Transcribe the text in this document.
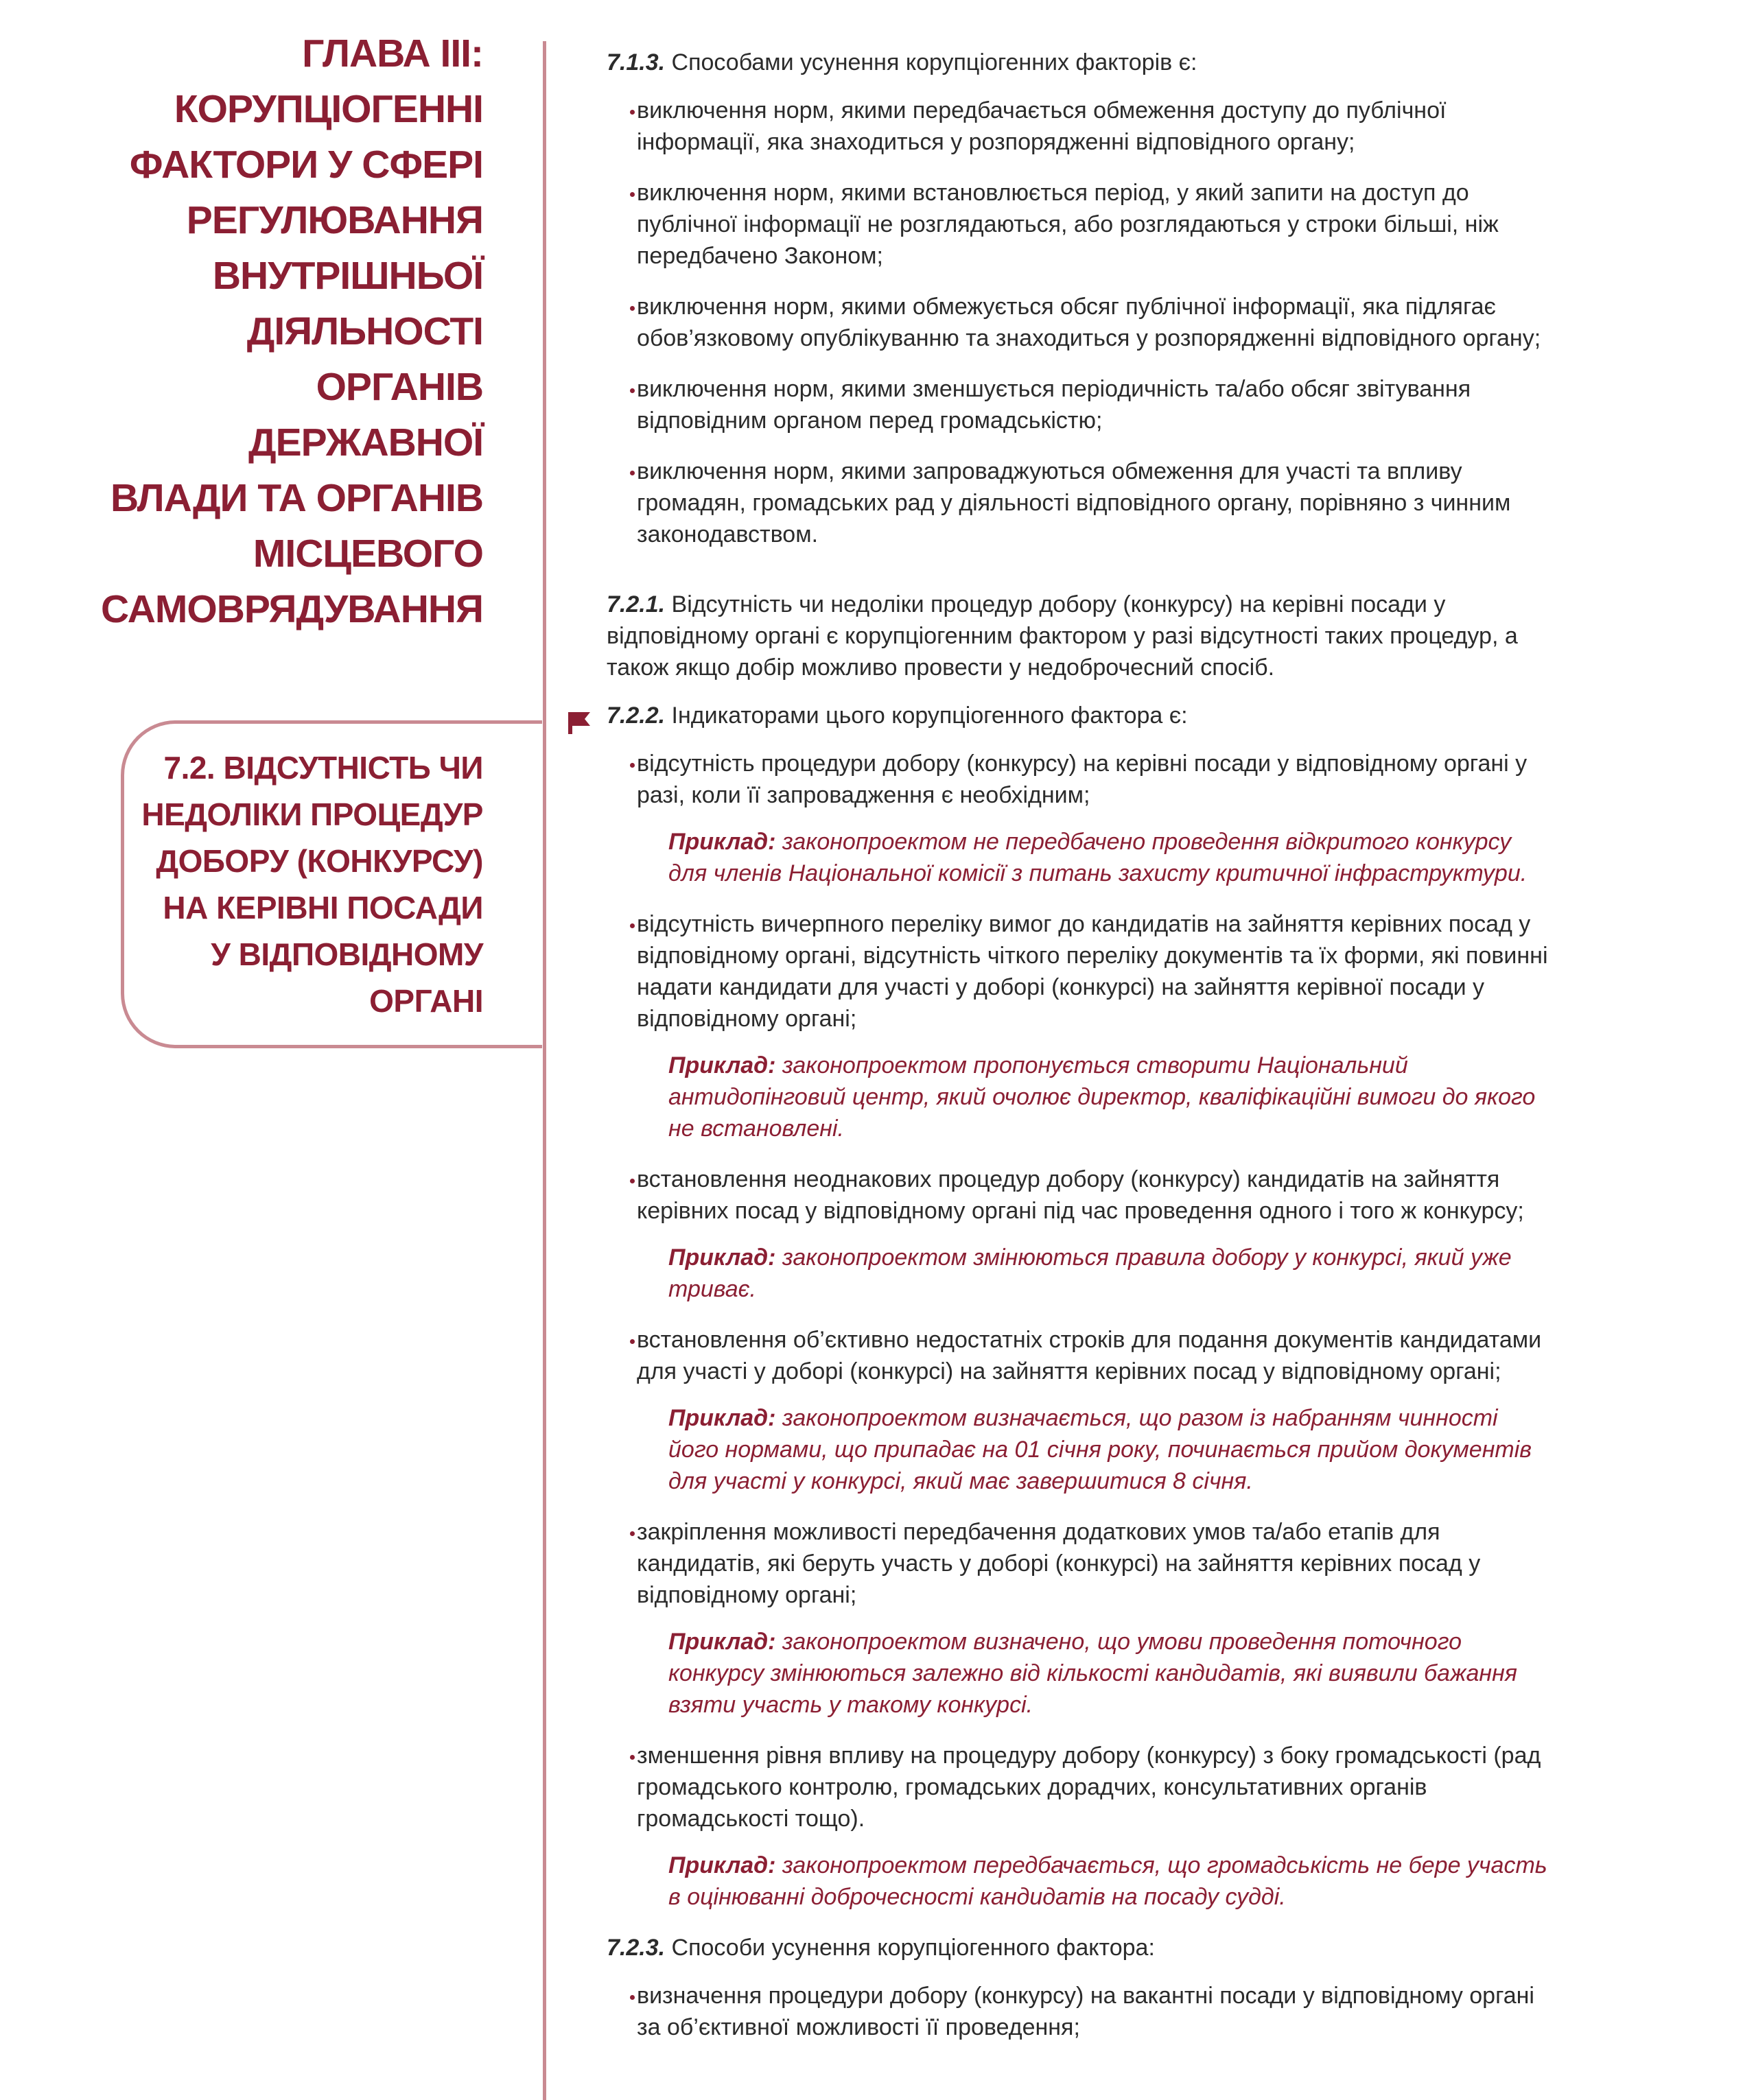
ГЛАВА III:
КОРУПЦІОГЕННІ
ФАКТОРИ У СФЕРІ
РЕГУЛЮВАННЯ
ВНУТРІШНЬОЇ
ДІЯЛЬНОСТІ
ОРГАНІВ
ДЕРЖАВНОЇ
ВЛАДИ ТА ОРГАНІВ
МІСЦЕВОГО
САМОВРЯДУВАННЯ
7.2. ВІДСУТНІСТЬ ЧИ
НЕДОЛІКИ ПРОЦЕДУР
ДОБОРУ (КОНКУРСУ)
НА КЕРІВНІ ПОСАДИ
У ВІДПОВІДНОМУ
ОРГАНІ

7.1.3. Способами усунення корупціогенних факторів є:

виключення норм, якими передбачається обмеження доступу до публічної інформації, яка знаходиться у розпорядженні відповідного органу;
виключення норм, якими встановлюється період, у який запити на доступ до публічної інформації не розглядаються, або розглядаються у строки більші, ніж передбачено Законом;
виключення норм, якими обмежується обсяг публічної інформації, яка підлягає обов’язковому опублікуванню та знаходиться у розпорядженні відповідного органу;
виключення норм, якими зменшується періодичність та/або обсяг звітування відповідним органом перед громадськістю;
виключення норм, якими запроваджуються обмеження для участі та впливу громадян, громадських рад у діяльності відповідного органу, порівняно з чинним законодавством.

7.2.1. Відсутність чи недоліки процедур добору (конкурсу) на керівні посади у відповідному органі є корупціогенним фактором у разі відсутності таких процедур, а також якщо добір можливо провести у недоброчесний спосіб.

7.2.2. Індикаторами цього корупціогенного фактора є:

відсутність процедури добору (конкурсу) на керівні посади у відповідному органі у разі, коли її запровадження є необхідним;

Приклад: законопроектом не передбачено проведення відкритого конкурсу для членів Національної комісії з питань захисту критичної інфраструктури.

відсутність вичерпного переліку вимог до кандидатів на зайняття керівних посад у відповідному органі, відсутність чіткого переліку документів та їх форми, які повинні надати кандидати для участі у доборі (конкурсі) на зайняття керівної посади у відповідному органі;

Приклад: законопроектом пропонується створити Національний антидопінговий центр, який очолює директор, кваліфікаційні вимоги до якого не встановлені.

встановлення неоднакових процедур добору (конкурсу) кандидатів на зайняття керівних посад у відповідному органі під час проведення одного і того ж конкурсу;

Приклад: законопроектом змінюються правила добору у конкурсі, який уже триває.

встановлення об’єктивно недостатніх строків для подання документів кандидатами для участі у доборі (конкурсі) на зайняття керівних посад у відповідному органі;

Приклад: законопроектом визначається, що разом із набранням чинності його нормами, що припадає на 01 січня року, починається прийом документів для участі у конкурсі, який має завершитися 8 січня.

закріплення можливості передбачення додаткових умов та/або етапів для кандидатів, які беруть участь у доборі (конкурсі) на зайняття керівних посад у відповідному органі;

Приклад: законопроектом визначено, що умови проведення поточного конкурсу змінюються залежно від кількості кандидатів, які виявили бажання взяти участь у такому конкурсі.

зменшення рівня впливу на процедуру добору (конкурсу) з боку громадськості (рад громадського контролю, громадських дорадчих, консультативних органів громадськості тощо).

Приклад: законопроектом передбачається, що громадськість не бере участь в оцінюванні доброчесності кандидатів на посаду судді.

7.2.3. Способи усунення корупціогенного фактора:

визначення процедури добору (конкурсу) на вакантні посади у відповідному органі за об’єктивної можливості її проведення;
